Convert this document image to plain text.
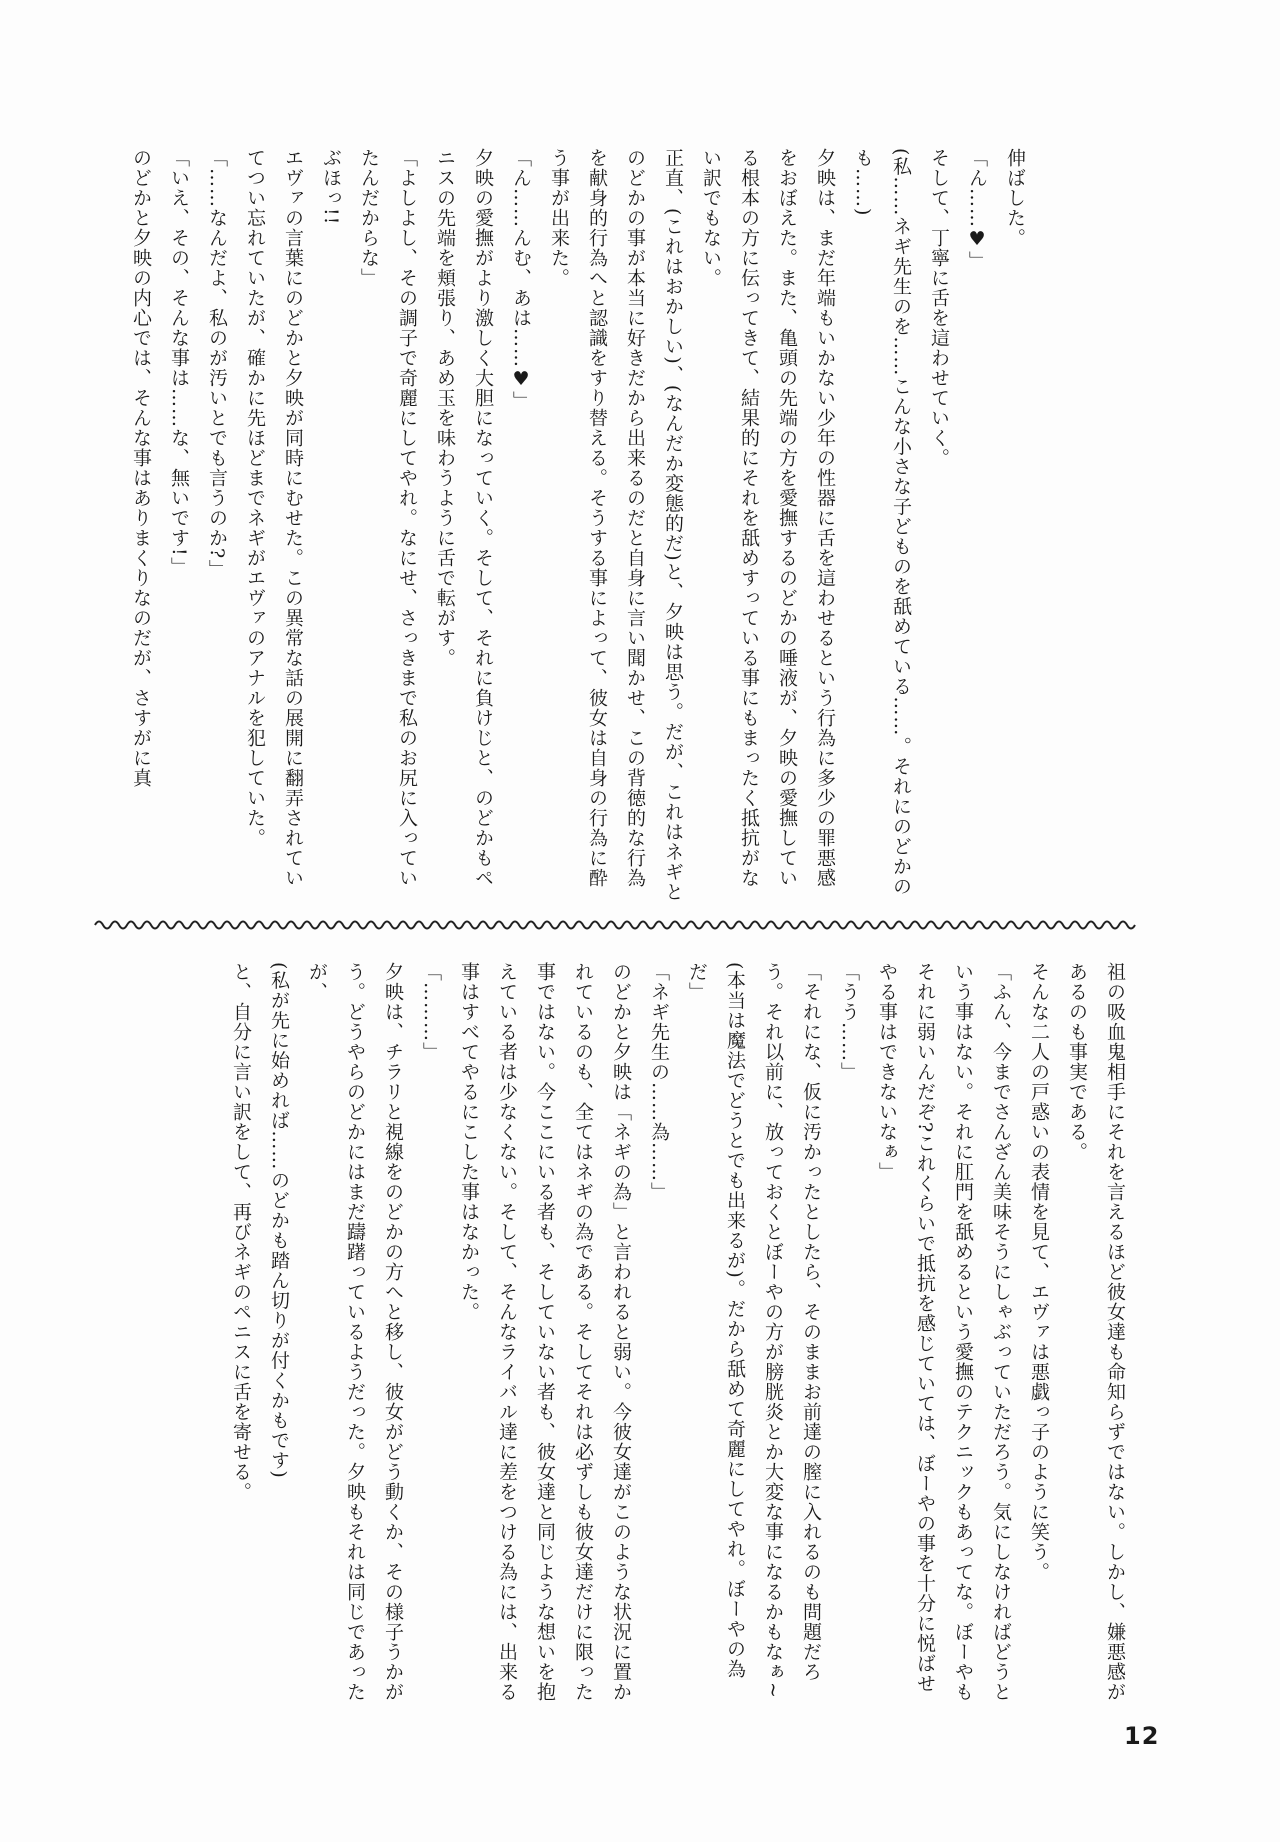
伸ばした。

「ん……♥」

そして、丁寧に舌を這わせていく。

(私……ネギ先生のを……こんな小さな子どものを舐めている……。それにのどかのも……)

夕映は、まだ年端もいかない少年の性器に舌を這わせるという行為に多少の罪悪感をおぼえた。また、亀頭の先端の方を愛撫するのどかの唾液が、夕映の愛撫している根本の方に伝ってきて、結果的にそれを舐めすっている事にもまったく抵抗がない訳でもない。

正直、(これはおかしい)、(なんだか変態的だ)と、夕映は思う。だが、これはネギとのどかの事が本当に好きだから出来るのだと自身に言い聞かせ、この背徳的な行為を献身的行為へと認識をすり替える。そうする事によって、彼女は自身の行為に酔う事が出来た。

「ん……んむ、あは……♥」

夕映の愛撫がより激しく大胆になっていく。そして、それに負けじと、のどかもペニスの先端を頬張り、あめ玉を味わうように舌で転がす。

「よしよし、その調子で奇麗にしてやれ。なにせ、さっきまで私のお尻に入っていたんだからな」

ぶほっ!!

エヴァの言葉にのどかと夕映が同時にむせた。この異常な話の展開に翻弄されていてつい忘れていたが、確かに先ほどまでネギがエヴァのアナルを犯していた。

「……なんだよ、私のが汚いとでも言うのか?」

「いえ、その、そんな事は……な、無いです!」

のどかと夕映の内心では、そんな事はありまくりなのだが、さすがに真

祖の吸血鬼相手にそれを言えるほど彼女達も命知らずではない。しかし、嫌悪感があるのも事実である。

そんな二人の戸惑いの表情を見て、エヴァは悪戯っ子のように笑う。

「ふん、今までさんざん美味そうにしゃぶっていただろう。気にしなければどうという事はない。それに肛門を舐めるという愛撫のテクニックもあってな。ぼーやもそれに弱いんだぞ?これくらいで抵抗を感じていては、ぼーやの事を十分に悦ばせやる事はできないなぁ」

「うう……」

「それにな、仮に汚かったとしたら、そのままお前達の膣に入れるのも問題だろう。それ以前に、放っておくとぼーやの方が膀胱炎とか大変な事になるかもなぁ~(本当は魔法でどうとでも出来るが)。だから舐めて奇麗にしてやれ。ぼーやの為だ」

「ネギ先生の……為……」

のどかと夕映は「ネギの為」と言われると弱い。今彼女達がこのような状況に置かれているのも、全てはネギの為である。そしてそれは必ずしも彼女達だけに限った事ではない。今ここにいる者も、そしていない者も、彼女達と同じような想いを抱えている者は少なくない。そして、そんなライバル達に差をつける為には、出来る事はすべてやるにこした事はなかった。

「………」

夕映は、チラリと視線をのどかの方へと移し、彼女がどう動くか、その様子うかがう。どうやらのどかにはまだ躊躇っているようだった。夕映もそれは同じであったが、

(私が先に始めれば……のどかも踏ん切りが付くかもです)

と、自分に言い訳をして、再びネギのペニスに舌を寄せる。

12
